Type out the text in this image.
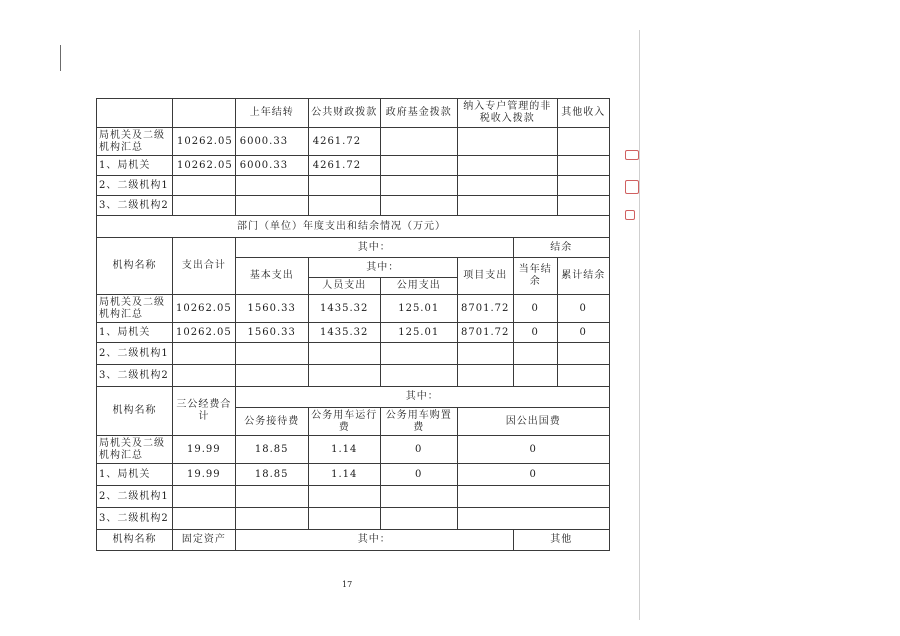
		上年结转	公共财政拨款	政府基金拨款	纳入专户管理的非税收入拨款		其他收入
局机关及二级机构汇总	10262.05	6000.33	4261.72				
1、局机关	10262.05	6000.33	4261.72				
2、二级机构1							
3、二级机构2							
部门（单位）年度支出和结余情况（万元）							
机构名称	支出合计	其中：				结余	
		基本支出	其中：		项目支出	当年结余	累计结余
			人员支出	公用支出			
局机关及二级机构汇总	10262.05	1560.33	1435.32	125.01	8701.72	0	0
1、局机关	10262.05	1560.33	1435.32	125.01	8701.72	0	0
2、二级机构1							
3、二级机构2							
机构名称	三公经费合计	其中：					
		公务接待费	公务用车运行费	公务用车购置费	因公出国费		
局机关及二级机构汇总	19.99	18.85	1.14	0	0		
1、局机关	19.99	18.85	1.14	0	0		
2、二级机构1							
3、二级机构2							
机构名称	固定资产	其中：				其他	
17
